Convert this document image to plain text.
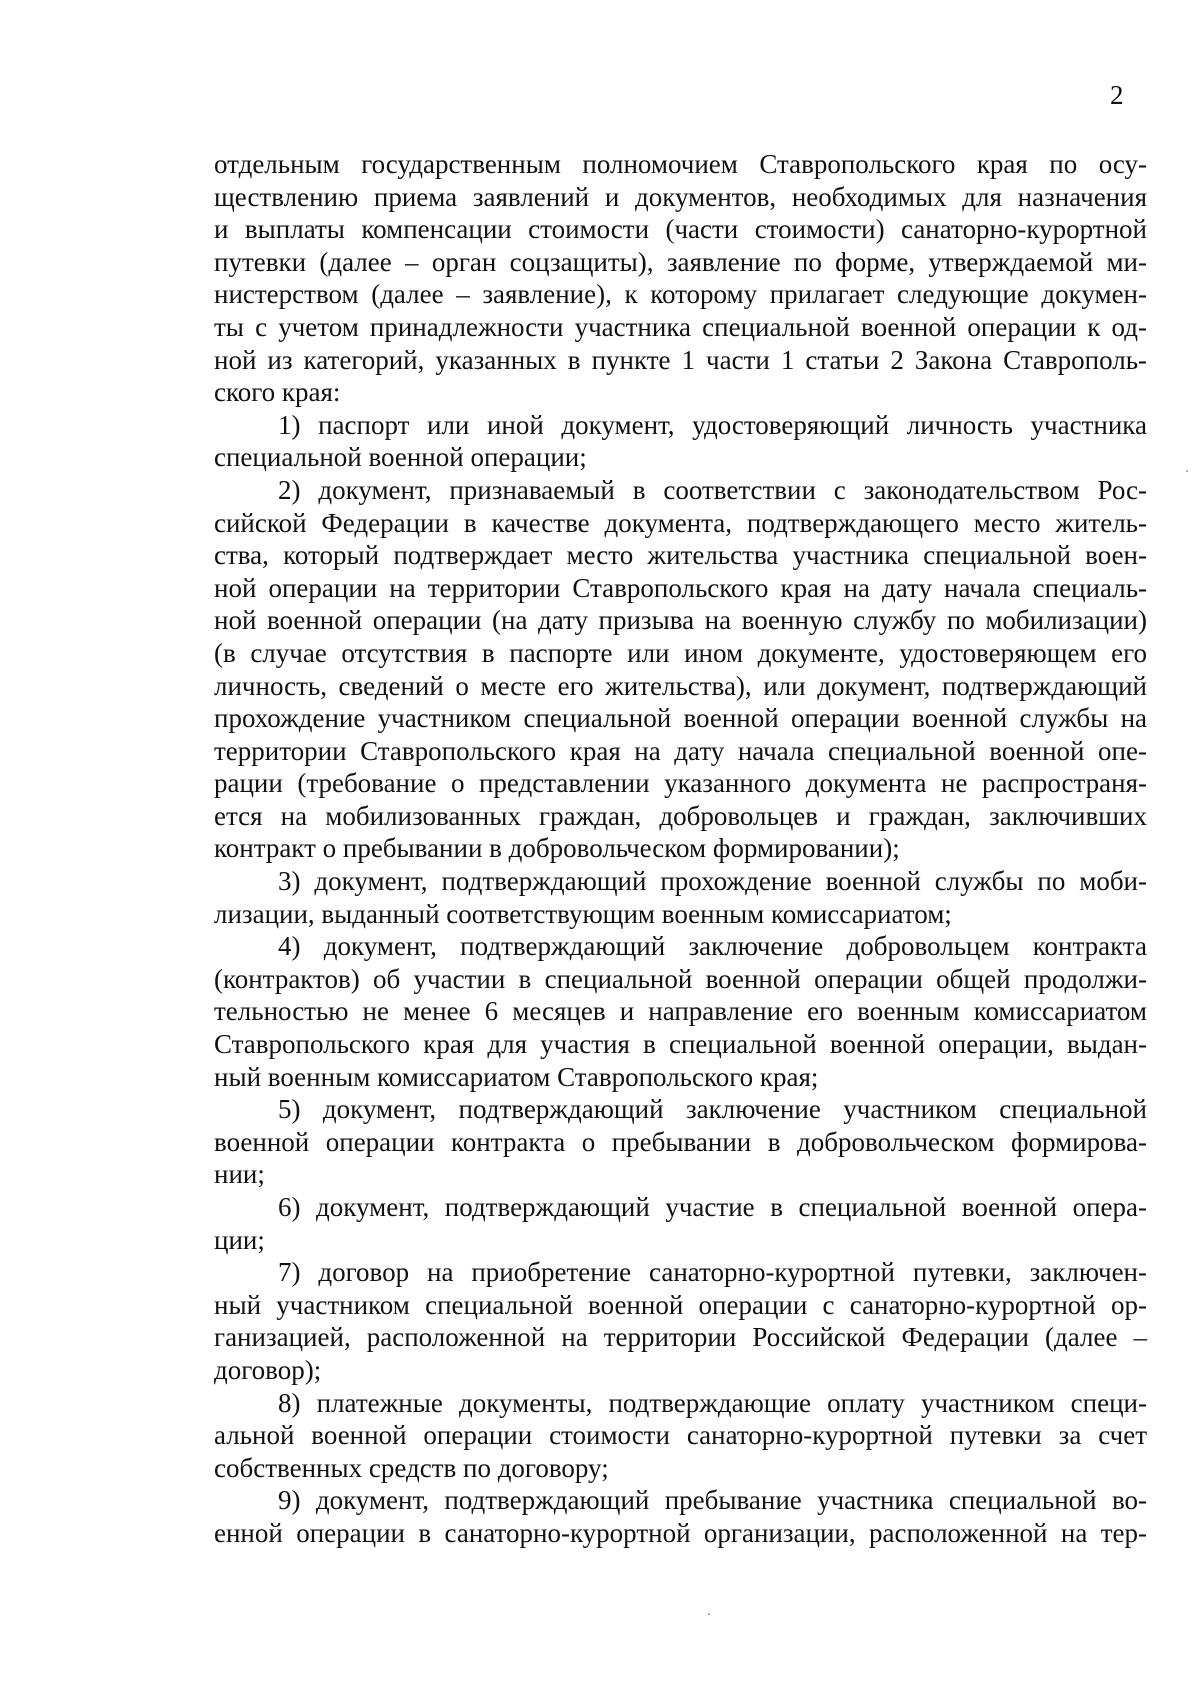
2

отдельным государственным полномочием Ставропольского края по осу-
ществлению приема заявлений и документов, необходимых для назначения
и выплаты компенсации стоимости (части стоимости) санаторно-курортной
путевки (далее – орган соцзащиты), заявление по форме, утверждаемой ми-
нистерством (далее – заявление), к которому прилагает следующие докумен-
ты с учетом принадлежности участника специальной военной операции к од-
ной из категорий, указанных в пункте 1 части 1 статьи 2 Закона Ставрополь-
ского края:

1) паспорт или иной документ, удостоверяющий личность участника
специальной военной операции;

2) документ, признаваемый в соответствии с законодательством Рос-
сийской Федерации в качестве документа, подтверждающего место житель-
ства, который подтверждает место жительства участника специальной воен-
ной операции на территории Ставропольского края на дату начала специаль-
ной военной операции (на дату призыва на военную службу по мобилизации)
(в случае отсутствия в паспорте или ином документе, удостоверяющем его
личность, сведений о месте его жительства), или документ, подтверждающий
прохождение участником специальной военной операции военной службы на
территории Ставропольского края на дату начала специальной военной опе-
рации (требование о представлении указанного документа не распространя-
ется на мобилизованных граждан, добровольцев и граждан, заключивших
контракт о пребывании в добровольческом формировании);

3) документ, подтверждающий прохождение военной службы по моби-
лизации, выданный соответствующим военным комиссариатом;

4) документ, подтверждающий заключение добровольцем контракта
(контрактов) об участии в специальной военной операции общей продолжи-
тельностью не менее 6 месяцев и направление его военным комиссариатом
Ставропольского края для участия в специальной военной операции, выдан-
ный военным комиссариатом Ставропольского края;

5) документ, подтверждающий заключение участником специальной
военной операции контракта о пребывании в добровольческом формирова-
нии;

6) документ, подтверждающий участие в специальной военной опера-
ции;

7) договор на приобретение санаторно-курортной путевки, заключен-
ный участником специальной военной операции с санаторно-курортной ор-
ганизацией, расположенной на территории Российской Федерации (далее –
договор);

8) платежные документы, подтверждающие оплату участником специ-
альной военной операции стоимости санаторно-курортной путевки за счет
собственных средств по договору;

9) документ, подтверждающий пребывание участника специальной во-
енной операции в санаторно-курортной организации, расположенной на тер-
